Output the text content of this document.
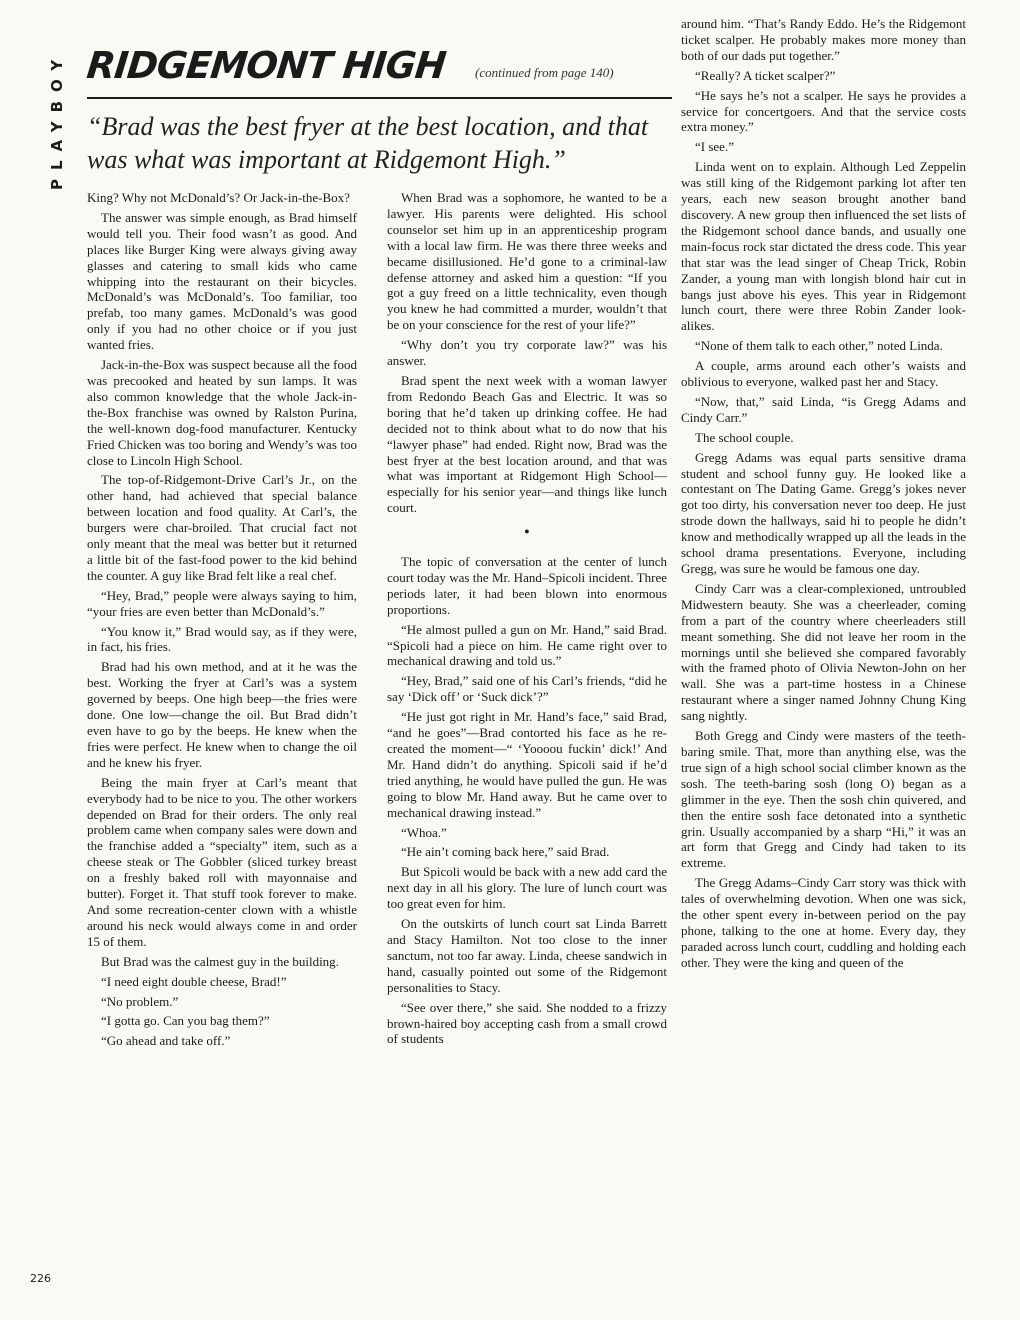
PLAYBOY RIDGEMONT HIGH (continued from page 140)
“Brad was the best fryer at the best location, and that was what was important at Ridgemont High.”

King? Why not McDonald’s? Or Jack-in-the-Box?

The answer was simple enough, as Brad himself would tell you. Their food wasn’t as good. And places like Burger King were always giving away glasses and catering to small kids who came whipping into the restaurant on their bicycles. McDonald’s was McDonald’s. Too familiar, too prefab, too many games. McDonald’s was good only if you had no other choice or if you just wanted fries.

Jack-in-the-Box was suspect because all the food was precooked and heated by sun lamps. It was also common knowledge that the whole Jack-in-the-Box franchise was owned by Ralston Purina, the well-known dog-food manufacturer. Kentucky Fried Chicken was too boring and Wendy’s was too close to Lincoln High School.

The top-of-Ridgemont-Drive Carl’s Jr., on the other hand, had achieved that special balance between location and food quality. At Carl’s, the burgers were char-broiled. That crucial fact not only meant that the meal was better but it returned a little bit of the fast-food power to the kid behind the counter. A guy like Brad felt like a real chef.

“Hey, Brad,” people were always saying to him, “your fries are even better than McDonald’s.”

“You know it,” Brad would say, as if they were, in fact, his fries.

Brad had his own method, and at it he was the best. Working the fryer at Carl’s was a system governed by beeps. One high beep—the fries were done. One low—change the oil. But Brad didn’t even have to go by the beeps. He knew when the fries were perfect. He knew when to change the oil and he knew his fryer.

Being the main fryer at Carl’s meant that everybody had to be nice to you. The other workers depended on Brad for their orders. The only real problem came when company sales were down and the franchise added a “specialty” item, such as a cheese steak or The Gobbler (sliced turkey breast on a freshly baked roll with mayonnaise and butter). Forget it. That stuff took forever to make. And some recreation-center clown with a whistle around his neck would always come in and order 15 of them.

But Brad was the calmest guy in the building.

“I need eight double cheese, Brad!”

“No problem.”

“I gotta go. Can you bag them?”

“Go ahead and take off.”

When Brad was a sophomore, he wanted to be a lawyer. His parents were delighted. His school counselor set him up in an apprenticeship program with a local law firm. He was there three weeks and became disillusioned. He’d gone to a criminal-law defense attorney and asked him a question: “If you got a guy freed on a little technicality, even though you knew he had committed a murder, wouldn’t that be on your conscience for the rest of your life?”

“Why don’t you try corporate law?” was his answer.

Brad spent the next week with a woman lawyer from Redondo Beach Gas and Electric. It was so boring that he’d taken up drinking coffee. He had decided not to think about what to do now that his “lawyer phase” had ended. Right now, Brad was the best fryer at the best location around, and that was what was important at Ridgemont High School—especially for his senior year—and things like lunch court.

●

The topic of conversation at the center of lunch court today was the Mr. Hand–Spicoli incident. Three periods later, it had been blown into enormous proportions.

“He almost pulled a gun on Mr. Hand,” said Brad. “Spicoli had a piece on him. He came right over to mechanical drawing and told us.”

“Hey, Brad,” said one of his Carl’s friends, “did he say ‘Dick off’ or ‘Suck dick’?”

“He just got right in Mr. Hand’s face,” said Brad, “and he goes”—Brad contorted his face as he re-created the moment—“ ‘Yoooou fuckin’ dick!’ And Mr. Hand didn’t do anything. Spicoli said if he’d tried anything, he would have pulled the gun. He was going to blow Mr. Hand away. But he came over to mechanical drawing instead.”

“Whoa.”

“He ain’t coming back here,” said Brad.

But Spicoli would be back with a new add card the next day in all his glory. The lure of lunch court was too great even for him.

On the outskirts of lunch court sat Linda Barrett and Stacy Hamilton. Not too close to the inner sanctum, not too far away. Linda, cheese sandwich in hand, casually pointed out some of the Ridgemont personalities to Stacy.

“See over there,” she said. She nodded to a frizzy brown-haired boy accepting cash from a small crowd of students

around him. “That’s Randy Eddo. He’s the Ridgemont ticket scalper. He probably makes more money than both of our dads put together.”

“Really? A ticket scalper?”

“He says he’s not a scalper. He says he provides a service for concertgoers. And that the service costs extra money.”

“I see.”

Linda went on to explain. Although Led Zeppelin was still king of the Ridgemont parking lot after ten years, each new season brought another band discovery. A new group then influenced the set lists of the Ridgemont school dance bands, and usually one main-focus rock star dictated the dress code. This year that star was the lead singer of Cheap Trick, Robin Zander, a young man with longish blond hair cut in bangs just above his eyes. This year in Ridgemont lunch court, there were three Robin Zander look-alikes.

“None of them talk to each other,” noted Linda.

A couple, arms around each other’s waists and oblivious to everyone, walked past her and Stacy.

“Now, that,” said Linda, “is Gregg Adams and Cindy Carr.”

The school couple.

Gregg Adams was equal parts sensitive drama student and school funny guy. He looked like a contestant on The Dating Game. Gregg’s jokes never got too dirty, his conversation never too deep. He just strode down the hallways, said hi to people he didn’t know and methodically wrapped up all the leads in the school drama presentations. Everyone, including Gregg, was sure he would be famous one day.

Cindy Carr was a clear-complexioned, untroubled Midwestern beauty. She was a cheerleader, coming from a part of the country where cheerleaders still meant something. She did not leave her room in the mornings until she believed she compared favorably with the framed photo of Olivia Newton-John on her wall. She was a part-time hostess in a Chinese restaurant where a singer named Johnny Chung King sang nightly.

Both Gregg and Cindy were masters of the teeth-baring smile. That, more than anything else, was the true sign of a high school social climber known as the sosh. The teeth-baring sosh (long O) began as a glimmer in the eye. Then the sosh chin quivered, and then the entire sosh face detonated into a synthetic grin. Usually accompanied by a sharp “Hi,” it was an art form that Gregg and Cindy had taken to its extreme.

The Gregg Adams–Cindy Carr story was thick with tales of overwhelming devotion. When one was sick, the other spent every in-between period on the pay phone, talking to the one at home. Every day, they paraded across lunch court, cuddling and holding each other. They were the king and queen of the

226
